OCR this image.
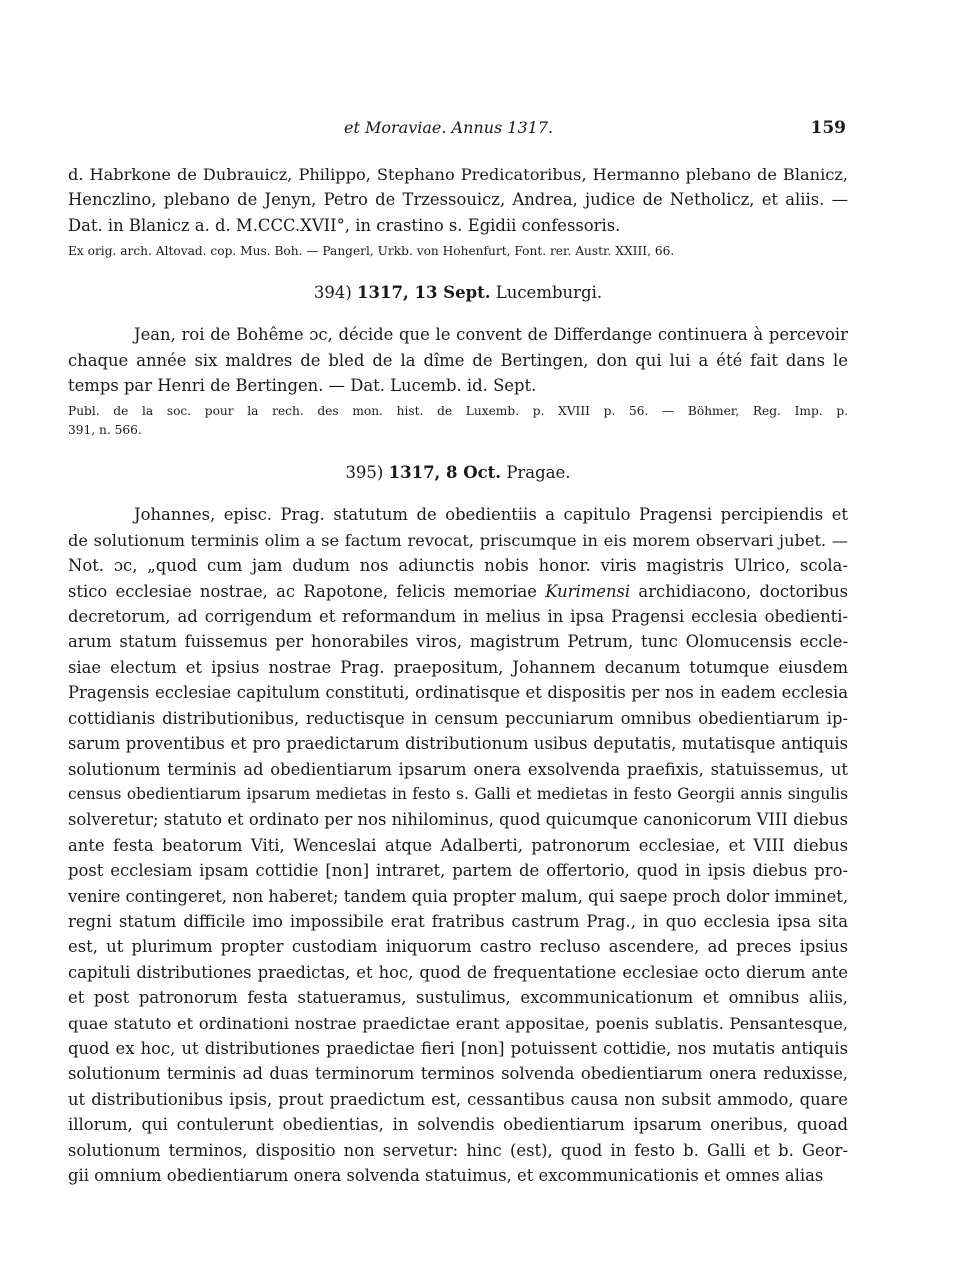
et Moraviae. Annus 1317.	159

d. Habrkone de Dubrauicz, Philippo, Stephano Predicatoribus, Hermanno plebano de Blanicz,
Henczlino, plebano de Jenyn, Petro de Trzessouicz, Andrea, judice de Netholicz, et aliis. —
Dat. in Blanicz a. d. M.CCC.XVII°, in crastino s. Egidii confessoris.

Ex orig. arch. Altovad. cop. Mus. Boh. — Pangerl, Urkb. von Hohenfurt, Font. rer. Austr. XXIII, 66.

394) 1317, 13 Sept. Lucemburgi.

Jean, roi de Bohême ɔc, décide que le convent de Differdange continuera à percevoir
chaque année six maldres de bled de la dîme de Bertingen, don qui lui a été fait dans le
temps par Henri de Bertingen. — Dat. Lucemb. id. Sept.

Publ. de la soc. pour la rech. des mon. hist. de Luxemb. p. XVIII p. 56. — Böhmer, Reg. Imp. p.
391, n. 566.

395) 1317, 8 Oct. Pragae.

Johannes, episc. Prag. statutum de obedientiis a capitulo Pragensi percipiendis et
de solutionum terminis olim a se factum revocat, priscumque in eis morem observari jubet. —
Not. ɔc, „quod cum jam dudum nos adiunctis nobis honor. viris magistris Ulrico, scola-
stico ecclesiae nostrae, ac Rapotone, felicis memoriae Kurimensi archidiacono, doctoribus
decretorum, ad corrigendum et reformandum in melius in ipsa Pragensi ecclesia obedienti-
arum statum fuissemus per honorabiles viros, magistrum Petrum, tunc Olomucensis eccle-
siae electum et ipsius nostrae Prag. praepositum, Johannem decanum totumque eiusdem
Pragensis ecclesiae capitulum constituti, ordinatisque et dispositis per nos in eadem ecclesia
cottidianis distributionibus, reductisque in censum peccuniarum omnibus obedientiarum ip-
sarum proventibus et pro praedictarum distributionum usibus deputatis, mutatisque antiquis
solutionum terminis ad obedientiarum ipsarum onera exsolvenda praefixis, statuissemus, ut
census obedientiarum ipsarum medietas in festo s. Galli et medietas in festo Georgii annis singulis
solveretur; statuto et ordinato per nos nihilominus, quod quicumque canonicorum VIII diebus
ante festa beatorum Viti, Wenceslai atque Adalberti, patronorum ecclesiae, et VIII diebus
post ecclesiam ipsam cottidie [non] intraret, partem de offertorio, quod in ipsis diebus pro-
venire contingeret, non haberet; tandem quia propter malum, qui saepe proch dolor imminet,
regni statum difficile imo impossibile erat fratribus castrum Prag., in quo ecclesia ipsa sita
est, ut plurimum propter custodiam iniquorum castro recluso ascendere, ad preces ipsius
capituli distributiones praedictas, et hoc, quod de frequentatione ecclesiae octo dierum ante
et post patronorum festa statueramus, sustulimus, excommunicationum et omnibus aliis,
quae statuto et ordinationi nostrae praedictae erant appositae, poenis sublatis. Pensantesque,
quod ex hoc, ut distributiones praedictae fieri [non] potuissent cottidie, nos mutatis antiquis
solutionum terminis ad duas terminorum terminos solvenda obedientiarum onera reduxisse,
ut distributionibus ipsis, prout praedictum est, cessantibus causa non subsit ammodo, quare
illorum, qui contulerunt obedientias, in solvendis obedientiarum ipsarum oneribus, quoad
solutionum terminos, dispositio non servetur: hinc (est), quod in festo b. Galli et b. Geor-
gii omnium obedientiarum onera solvenda statuimus, et excommunicationis et omnes alias
